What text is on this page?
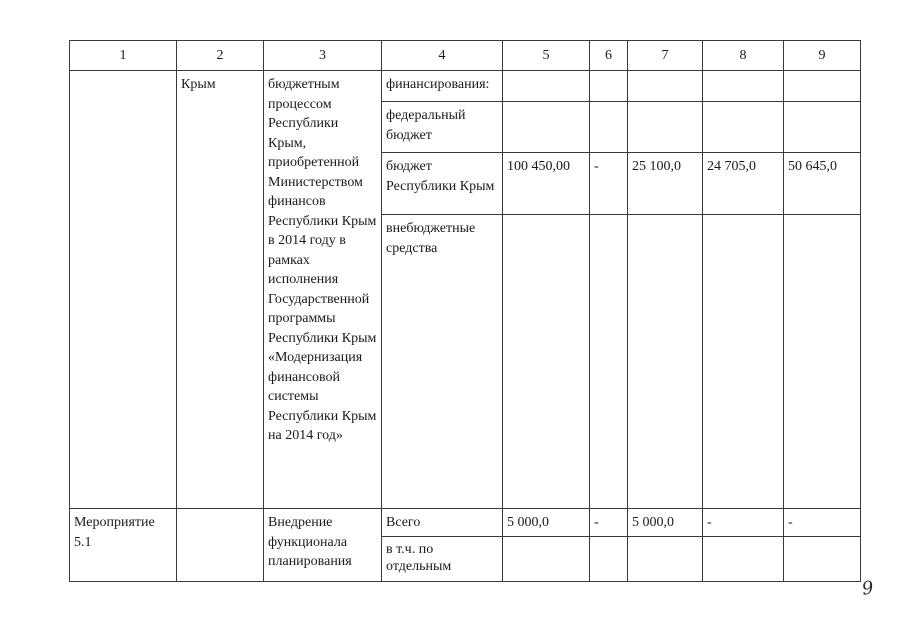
1	2	3	4	5	6	7	8	9
	Крым	бюджетным процессом Республики Крым, приобретенной Министерством финансов Республики Крым в 2014 году в рамках исполнения Государственной программы Республики Крым «Модернизация финансовой системы Республики Крым на 2014 год»	финансирования:					
			федеральный бюджет					
			бюджет Республики Крым	100 450,00	-	25 100,0	24 705,0	50 645,0
			внебюджетные средства					
Мероприятие 5.1		Внедрение функционала планирования	Всего	5 000,0	-	5 000,0	-	-
			в т.ч. по отдельным					
9
